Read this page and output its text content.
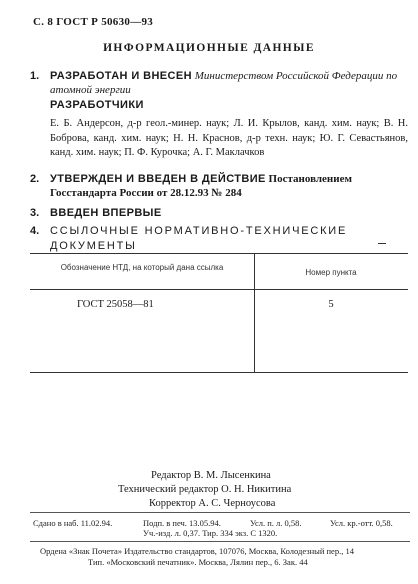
С. 8 ГОСТ Р 50630—93
ИНФОРМАЦИОННЫЕ ДАННЫЕ
1. РАЗРАБОТАН И ВНЕСЕН Министерством Российской Федерации по атомной энергии
РАЗРАБОТЧИКИ
Е. Б. Андерсон, д-р геол.-минер. наук; Л. И. Крылов, канд. хим. наук; В. Н. Боброва, канд. хим. наук; Н. Н. Краснов, д-р техн. наук; Ю. Г. Севастьянов, канд. хим. наук; П. Ф. Курочка; А. Г. Маклачков
2. УТВЕРЖДЕН И ВВЕДЕН В ДЕЙСТВИЕ Постановлением Госстандарта России от 28.12.93 № 284
3. ВВЕДЕН ВПЕРВЫЕ
4. ССЫЛОЧНЫЕ НОРМАТИВНО-ТЕХНИЧЕСКИЕ ДОКУМЕНТЫ
Обозначение НТД, на который дана ссылка
Номер пункта
ГОСТ 25058—81	5
Редактор В. М. Лысенкина
Технический редактор О. Н. Никитина
Корректор А. С. Черноусова
Сдано в наб. 11.02.94.	Подп. в печ. 13.05.94.	Усл. п. л. 0,58.	Усл. кр.-отт. 0,58.
Уч.-изд. л. 0,37. Тир. 334 экз. С 1320.
Ордена «Знак Почета» Издательство стандартов, 107076, Москва, Колодезный пер., 14
Тип. «Московский печатник». Москва, Лялин пер., 6. Зак. 44
